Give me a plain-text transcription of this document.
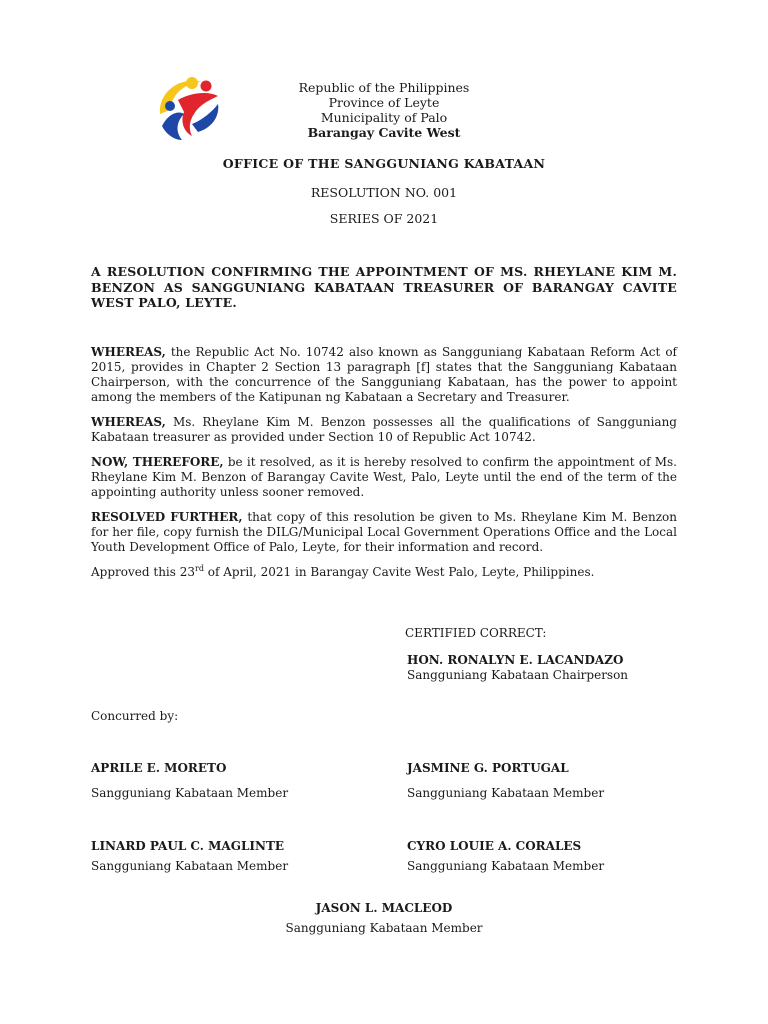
Republic of the Philippines
Province of Leyte
Municipality of Palo
Barangay Cavite West
OFFICE OF THE SANGGUNIANG KABATAAN
RESOLUTION NO. 001
SERIES OF 2021
A RESOLUTION CONFIRMING THE APPOINTMENT OF MS. RHEYLANE KIM M. BENZON AS SANGGUNIANG KABATAAN TREASURER OF BARANGAY CAVITE WEST PALO, LEYTE.

WHEREAS, the Republic Act No. 10742 also known as Sangguniang Kabataan Reform Act of 2015, provides in Chapter 2 Section 13 paragraph [f] states that the Sangguniang Kabataan Chairperson, with the concurrence of the Sangguniang Kabataan, has the power to appoint among the members of the Katipunan ng Kabataan a Secretary and Treasurer.

WHEREAS, Ms. Rheylane Kim M. Benzon possesses all the qualifications of Sangguniang Kabataan treasurer as provided under Section 10 of Republic Act 10742.

NOW, THEREFORE, be it resolved, as it is hereby resolved to confirm the appointment of Ms. Rheylane Kim M. Benzon of Barangay Cavite West, Palo, Leyte until the end of the term of the appointing authority unless sooner removed.

RESOLVED FURTHER, that copy of this resolution be given to Ms. Rheylane Kim M. Benzon for her file, copy furnish the DILG/Municipal Local Government Operations Office and the Local Youth Development Office of Palo, Leyte, for their information and record.

Approved this 23rd of April, 2021 in Barangay Cavite West Palo, Leyte, Philippines.

CERTIFIED CORRECT:
HON. RONALYN E. LACANDAZO
Sangguniang Kabataan Chairperson
Concurred by:
APRILE E. MORETO
Sangguniang Kabataan Member
JASMINE G. PORTUGAL
Sangguniang Kabataan Member
LINARD PAUL C. MAGLINTE
Sangguniang Kabataan Member
CYRO LOUIE A. CORALES
Sangguniang Kabataan Member
JASON L. MACLEOD
Sangguniang Kabataan Member
